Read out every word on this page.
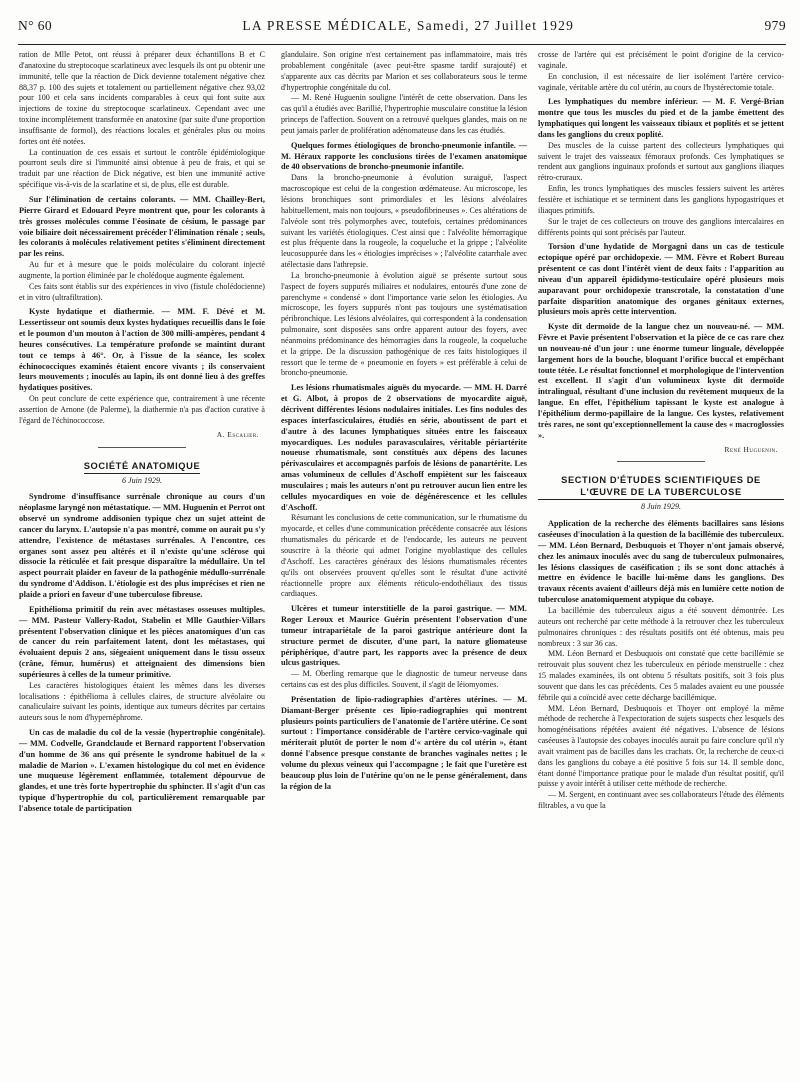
N° 60	LA PRESSE MÉDICALE, Samedi, 27 Juillet 1929	979

ration de Mlle Petot, ont réussi à préparer deux échantillons B et C d'anatoxine du streptocoque scarlatineux avec lesquels ils ont pu obtenir une immunité, telle que la réaction de Dick devienne totalement négative chez 88,37 p. 100 des sujets et totalement ou partiellement négative chez 93,02 pour 100 et cela sans incidents comparables à ceux qui font suite aux injections de toxine du streptocoque scarlatineux. Cependant avec une toxine incomplètement transformée en anatoxine (par suite d'une proportion insuffisante de formol), des réactions locales et générales plus ou moins fortes ont été notées.

La continuation de ces essais et surtout le contrôle épidémiologique pourront seuls dire si l'immunité ainsi obtenue à peu de frais, et qui se traduit par une réaction de Dick négative, est bien une immunité active spécifique vis-à-vis de la scarlatine et si, de plus, elle est durable.

Sur l'élimination de certains colorants. — MM. Chailley-Bert, Pierre Girard et Edouard Peyre montrent que, pour les colorants à très grosses molécules comme l'éosinate de césium, le passage par voie biliaire doit nécessairement précéder l'élimination rénale ; seuls, les colorants à molécules relativement petites s'éliminent directement par les reins.

Au fur et à mesure que le poids moléculaire du colorant injecté augmente, la portion éliminée par le cholédoque augmente également.

Ces faits sont établis sur des expériences in vivo (fistule cholédocienne) et in vitro (ultrafiltration).

Kyste hydatique et diathermie. — MM. F. Dévé et M. Lessertisseur ont soumis deux kystes hydatiques recueillis dans le foie et le poumon d'un mouton à l'action de 300 milli-ampères, pendant 4 heures consécutives. La température profonde se maintint durant tout ce temps à 46°. Or, à l'issue de la séance, les scolex échinococciques examinés étaient encore vivants ; ils conservaient leurs mouvements ; inoculés au lapin, ils ont donné lieu à des greffes hydatiques positives.

On peut conclure de cette expérience que, contrairement à une récente assertion de Arnone (de Palerme), la diathermie n'a pas d'action curative à l'égard de l'échinococcose.

A. Escalier.

SOCIÉTÉ ANATOMIQUE

6 Juin 1929.

Syndrome d'insuffisance surrénale chronique au cours d'un néoplasme laryngé non métastatique. — MM. Huguenin et Perrot ont observé un syndrome addisonien typique chez un sujet atteint de cancer du larynx. L'autopsie n'a pas montré, comme on aurait pu s'y attendre, l'existence de métastases surrénales. A l'encontre, ces organes sont assez peu altérés et il n'existe qu'une sclérose qui dissocie la réticulée et fait presque disparaître la médullaire. Un tel aspect pourrait plaider en faveur de la pathogénie médullo-surrénale du syndrome d'Addison. L'étiologie est des plus imprécises et rien ne plaide a priori en faveur d'une tuberculose fibreuse.
Epithélioma primitif du rein avec métastases osseuses multiples. — MM. Pasteur Vallery-Radot, Stabelin et Mlle Gauthier-Villars présentent l'observation clinique et les pièces anatomiques d'un cas de cancer du rein parfaitement latent, dont les métastases, qui évoluaient depuis 2 ans, siégeaient uniquement dans le tissu osseux (crâne, fémur, humérus) et atteignaient des dimensions bien supérieures à celles de la tumeur primitive.

Les caractères histologiques étaient les mêmes dans les diverses localisations : épithélioma à cellules claires, de structure alvéolaire ou canaliculaire suivant les points, identique aux tumeurs décrites par certains auteurs sous le nom d'hypernéphrome.

Un cas de maladie du col de la vessie (hypertrophie congénitale). — MM. Codvelle, Grandclaude et Bernard rapportent l'observation d'un homme de 36 ans qui présente le syndrome habituel de la « maladie de Marion ». L'examen histologique du col met en évidence une muqueuse légèrement enflammée, totalement dépourvue de glandes, et une très forte hypertrophie du sphincter. Il s'agit d'un cas typique d'hypertrophie du col, particulièrement remarquable par l'absence totale de participation

glandulaire. Son origine n'est certainement pas inflammatoire, mais très probablement congénitale (avec peut-être spasme tardif surajouté) et s'apparente aux cas décrits par Marion et ses collaborateurs sous le terme d'hypertrophie congénitale du col.

— M. René Huguenin souligne l'intérêt de cette observation. Dans les cas qu'il a étudiés avec Barillié, l'hypertrophie musculaire constitue la lésion princeps de l'affection. Souvent on a retrouvé quelques glandes, mais on ne peut jamais parler de prolifération adénomateuse dans les cas étudiés.

Quelques formes étiologiques de broncho-pneumonie infantile. — M. Héraux rapporte les conclusions tirées de l'examen anatomique de 40 observations de broncho-pneumonie infantile.

Dans la broncho-pneumonie à évolution suraiguë, l'aspect macroscopique est celui de la congestion œdémateuse. Au microscope, les lésions bronchiques sont primordiales et les lésions alvéolaires habituellement, mais non toujours, « pseudofibrineuses ». Ces altérations de l'alvéole sont très polymorphes avec, toutefois, certaines prédominances suivant les variétés étiologiques. C'est ainsi que : l'alvéolite hémorragique est plus fréquente dans la rougeole, la coqueluche et la grippe ; l'alvéolite leucosuppurée dans les « étiologies imprécises » ; l'alvéolite catarrhale avec atélectasie dans l'athrepsie.

La broncho-pneumonie à évolution aiguë se présente surtout sous l'aspect de foyers suppurés miliaires et nodulaires, entourés d'une zone de parenchyme « condensé » dont l'importance varie selon les étiologies. Au microscope, les foyers suppurés n'ont pas toujours une systématisation péribronchique. Les lésions alvéolaires, qui correspondent à la condensation pulmonaire, sont disposées sans ordre apparent autour des foyers, avec néanmoins prédominance des hémorragies dans la rougeole, la coqueluche et la grippe. De la discussion pathogénique de ces faits histologiques il ressort que le terme de « pneumonie en foyers » est préférable à celui de broncho-pneumonie.

Les lésions rhumatismales aiguës du myocarde. — MM. H. Darré et G. Albot, à propos de 2 observations de myocardite aiguë, décrivent différentes lésions nodulaires initiales. Les fins nodules des espaces interfasciculaires, étudiés en série, aboutissent de part et d'autre à des lacunes lymphatiques situées entre les faisceaux myocardiques. Les nodules paravasculaires, véritable périartérite noueuse rhumatismale, sont constitués aux dépens des lacunes périvasculaires et accompagnés parfois de lésions de panartérite. Les amas volumineux de cellules d'Aschoff empiètent sur les faisceaux musculaires ; mais les auteurs n'ont pu retrouver aucun lien entre les cellules myocardiques en voie de dégénérescence et les cellules d'Aschoff.

Résumant les conclusions de cette communication, sur le rhumatisme du myocarde, et celles d'une communication précédente consacrée aux lésions rhumatismales du péricarde et de l'endocarde, les auteurs ne peuvent souscrire à la théorie qui admet l'origine myoblastique des cellules d'Aschoff. Les caractères généraux des lésions rhumatismales récentes qu'ils ont observées prouvent qu'elles sont le résultat d'une activité réactionnelle propre aux éléments réticulo-endothéliaux des tissus cardiaques.

Ulcères et tumeur interstitielle de la paroi gastrique. — MM. Roger Leroux et Maurice Guérin présentent l'observation d'une tumeur intrapariétale de la paroi gastrique antérieure dont la structure permet de discuter, d'une part, la nature gliomateuse périphérique, d'autre part, les rapports avec la présence de deux ulcus gastriques.

— M. Oberling remarque que le diagnostic de tumeur nerveuse dans certains cas est des plus difficiles. Souvent, il s'agit de léiomyomes.

Présentation de lipio-radiographies d'artères utérines. — M. Diamant-Berger présente ces lipio-radiographies qui montrent plusieurs points particuliers de l'anatomie de l'artère utérine. Ce sont surtout : l'importance considérable de l'artère cervico-vaginale qui mériterait plutôt de porter le nom d'« artère du col utérin », étant donné l'absence presque constante de branches vaginales nettes ; le volume du plexus veineux qui l'accompagne ; le fait que l'uretère est beaucoup plus loin de l'utérine qu'on ne le pense généralement, dans la région de la

crosse de l'artère qui est précisément le point d'origine de la cervico-vaginale.

En conclusion, il est nécessaire de lier isolément l'artère cervico-vaginale, véritable artère du col utérin, au cours de l'hystérectomie totale.

Les lymphatiques du membre inférieur. — M. F. Vergé-Brian montre que tous les muscles du pied et de la jambe émettent des lymphatiques qui longent les vaisseaux tibiaux et poplités et se jettent dans les ganglions du creux poplité.

Des muscles de la cuisse partent des collecteurs lymphatiques qui suivent le trajet des vaisseaux fémoraux profonds. Ces lymphatiques se rendent aux ganglions inguinaux profonds et surtout aux ganglions iliaques rétro-cruraux.

Enfin, les troncs lymphatiques des muscles fessiers suivent les artères fessière et ischiatique et se terminent dans les ganglions hypogastriques et iliaques primitifs.

Sur le trajet de ces collecteurs on trouve des ganglions intercalaires en différents points qui sont précisés par l'auteur.

Torsion d'une hydatide de Morgagni dans un cas de testicule ectopique opéré par orchidopexie. — MM. Fèvre et Robert Bureau présentent ce cas dont l'intérêt vient de deux faits : l'apparition au niveau d'un appareil épididymo-testiculaire opéré plusieurs mois auparavant pour orchidopexie transcrotale, la constatation d'une parfaite disparition anatomique des organes génitaux externes, plusieurs mois après cette intervention.
Kyste dit dermoïde de la langue chez un nouveau-né. — MM. Fèvre et Pavie présentent l'observation et la pièce de ce cas rare chez un nouveau-né d'un jour : une énorme tumeur linguale, développée largement hors de la bouche, bloquant l'orifice buccal et empêchant toute tétée. Le résultat fonctionnel et morphologique de l'intervention est excellent. Il s'agit d'un volumineux kyste dit dermoïde intralingual, résultant d'une inclusion du revêtement muqueux de la langue. En effet, l'épithélium tapissant le kyste est analogue à l'épithélium dermo-papillaire de la langue. Ces kystes, relativement très rares, ne sont qu'exceptionnellement la cause des « macroglossies ».

René Huguenin.

SECTION D'ÉTUDES SCIENTIFIQUES DE L'ŒUVRE DE LA TUBERCULOSE

8 Juin 1929.

Application de la recherche des éléments bacillaires sans lésions caséeuses d'inoculation à la question de la bacillémie des tuberculeux. — MM. Léon Bernard, Desbuquois et Thoyer n'ont jamais observé, chez les animaux inoculés avec du sang de tuberculeux pulmonaires, les lésions classiques de caséification ; ils se sont donc attachés à mettre en évidence le bacille lui-même dans les ganglions. Des travaux récents avaient d'ailleurs déjà mis en lumière cette notion de tuberculose anatomiquement atypique du cobaye.

La bacillémie des tuberculeux aigus a été souvent démontrée. Les auteurs ont recherché par cette méthode à la retrouver chez les tuberculeux pulmonaires chroniques : des résultats positifs ont été obtenus, mais peu nombreux : 3 sur 36 cas.

MM. Léon Bernard et Desbuquois ont constaté que cette bacillémie se retrouvait plus souvent chez les tuberculeux en période menstruelle : chez 15 malades examinées, ils ont obtenu 5 résultats positifs, soit 3 fois plus souvent que dans les cas précédents. Ces 5 malades avaient eu une poussée fébrile qui a coïncidé avec cette décharge bacillémique.

MM. Léon Bernard, Desbuquois et Thoyer ont employé la même méthode de recherche à l'expectoration de sujets suspects chez lesquels des homogénéisations répétées avaient été négatives. L'absence de lésions caséeuses à l'autopsie des cobayes inoculés aurait pu faire conclure qu'il n'y avait vraiment pas de bacilles dans les crachats. Or, la recherche de ceux-ci dans les ganglions du cobaye a été positive 5 fois sur 14. Il semble donc, étant donné l'importance pratique pour le malade d'un résultat positif, qu'il puisse y avoir intérêt à utiliser cette méthode de recherche.

— M. Sergent, en continuant avec ses collaborateurs l'étude des éléments filtrables, a vu que la
